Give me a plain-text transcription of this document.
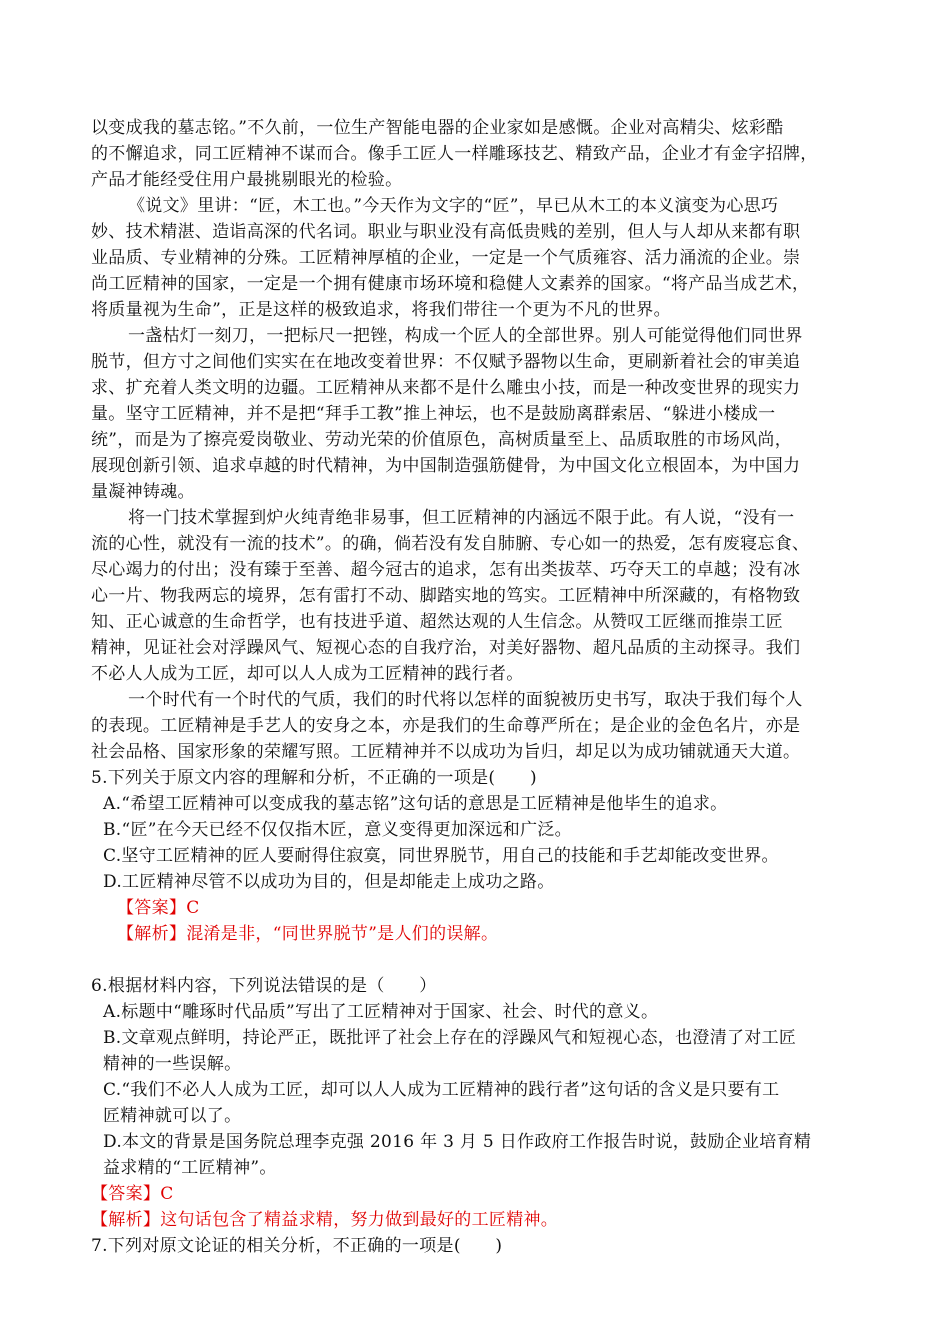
以变成我的墓志铭。”不久前，一位生产智能电器的企业家如是感慨。企业对高精尖、炫彩酷
的不懈追求，同工匠精神不谋而合。像手工匠人一样雕琢技艺、精致产品，企业才有金字招牌，
产品才能经受住用户最挑剔眼光的检验。
《说文》里讲：“匠，木工也。”今天作为文字的“匠”，早已从木工的本义演变为心思巧
妙、技术精湛、造诣高深的代名词。职业与职业没有高低贵贱的差别，但人与人却从来都有职
业品质、专业精神的分殊。工匠精神厚植的企业，一定是一个气质雍容、活力涌流的企业。崇
尚工匠精神的国家，一定是一个拥有健康市场环境和稳健人文素养的国家。“将产品当成艺术，
将质量视为生命”，正是这样的极致追求，将我们带往一个更为不凡的世界。
一盏枯灯一刻刀，一把标尺一把锉，构成一个匠人的全部世界。别人可能觉得他们同世界
脱节，但方寸之间他们实实在在地改变着世界：不仅赋予器物以生命，更刷新着社会的审美追
求、扩充着人类文明的边疆。工匠精神从来都不是什么雕虫小技，而是一种改变世界的现实力
量。坚守工匠精神，并不是把“拜手工教”推上神坛，也不是鼓励离群索居、“躲进小楼成一
统”，而是为了擦亮爱岗敬业、劳动光荣的价值原色，高树质量至上、品质取胜的市场风尚，
展现创新引领、追求卓越的时代精神，为中国制造强筋健骨，为中国文化立根固本，为中国力
量凝神铸魂。
将一门技术掌握到炉火纯青绝非易事，但工匠精神的内涵远不限于此。有人说，“没有一
流的心性，就没有一流的技术”。的确，倘若没有发自肺腑、专心如一的热爱，怎有废寝忘食、
尽心竭力的付出；没有臻于至善、超今冠古的追求，怎有出类拔萃、巧夺天工的卓越；没有冰
心一片、物我两忘的境界，怎有雷打不动、脚踏实地的笃实。工匠精神中所深藏的，有格物致
知、正心诚意的生命哲学，也有技进乎道、超然达观的人生信念。从赞叹工匠继而推崇工匠
精神，见证社会对浮躁风气、短视心态的自我疗治，对美好器物、超凡品质的主动探寻。我们
不必人人成为工匠，却可以人人成为工匠精神的践行者。
一个时代有一个时代的气质，我们的时代将以怎样的面貌被历史书写，取决于我们每个人
的表现。工匠精神是手艺人的安身之本，亦是我们的生命尊严所在；是企业的金色名片，亦是
社会品格、国家形象的荣耀写照。工匠精神并不以成功为旨归，却足以为成功铺就通天大道。
5.下列关于原文内容的理解和分析，不正确的一项是(　　)
A.“希望工匠精神可以变成我的墓志铭”这句话的意思是工匠精神是他毕生的追求。
B.“匠”在今天已经不仅仅指木匠，意义变得更加深远和广泛。
C.坚守工匠精神的匠人要耐得住寂寞，同世界脱节，用自己的技能和手艺却能改变世界。
D.工匠精神尽管不以成功为目的，但是却能走上成功之路。
【答案】C
【解析】混淆是非，“同世界脱节”是人们的误解。
6.根据材料内容，下列说法错误的是（　　）
A.标题中“雕琢时代品质”写出了工匠精神对于国家、社会、时代的意义。
B.文章观点鲜明，持论严正，既批评了社会上存在的浮躁风气和短视心态，也澄清了对工匠
精神的一些误解。
C.“我们不必人人成为工匠，却可以人人成为工匠精神的践行者”这句话的含义是只要有工
匠精神就可以了。
D.本文的背景是国务院总理李克强 2016 年 3 月 5 日作政府工作报告时说，鼓励企业培育精
益求精的“工匠精神”。
【答案】C
【解析】这句话包含了精益求精，努力做到最好的工匠精神。
7.下列对原文论证的相关分析，不正确的一项是(　　)
